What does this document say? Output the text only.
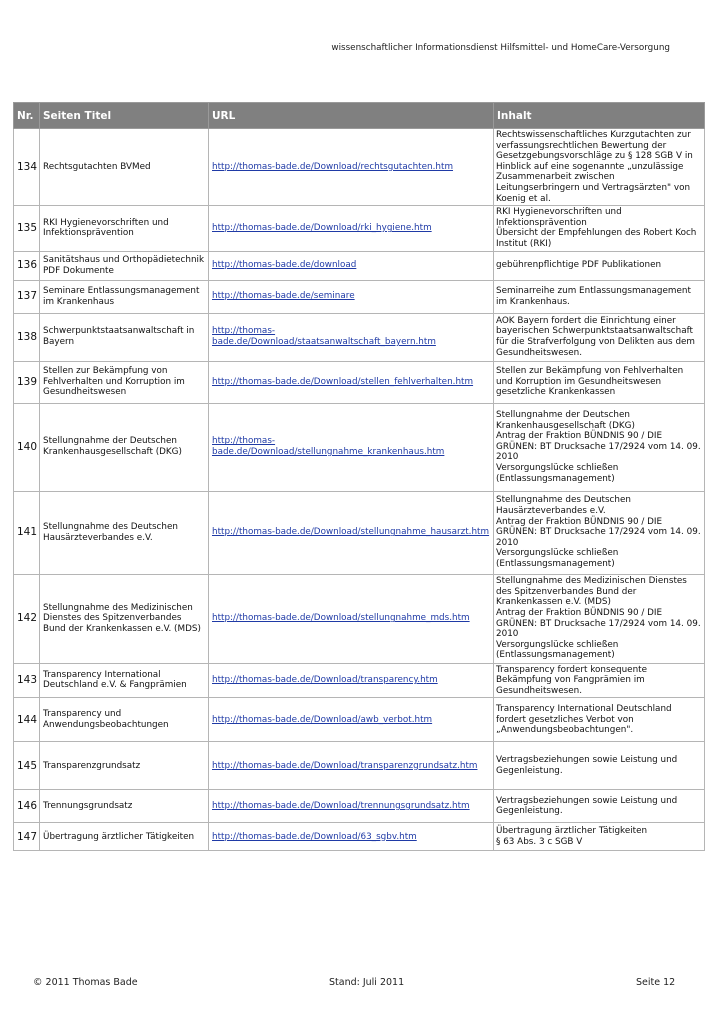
wissenschaftlicher Informationsdienst Hilfsmittel- und HomeCare-Versorgung
Nr.	Seiten Titel	URL	Inhalt
134	Rechtsgutachten BVMed	http://thomas-bade.de/Download/rechtsgutachten.htm	Rechtswissenschaftliches Kurzgutachten zur verfassungsrechtlichen Bewertung der Gesetzgebungsvorschläge zu § 128 SGB V in Hinblick auf eine sogenannte „unzulässige Zusammenarbeit zwischen Leitungserbringern und Vertragsärzten" von Koenig et al.
135	RKI Hygienevorschriften und Infektionsprävention	http://thomas-bade.de/Download/rki_hygiene.htm	RKI Hygienevorschriften und Infektionsprävention
Übersicht der Empfehlungen des Robert Koch Institut (RKI)
136	Sanitätshaus und Orthopädietechnik PDF Dokumente	http://thomas-bade.de/download	gebührenpflichtige PDF Publikationen
137	Seminare Entlassungsmanagement im Krankenhaus	http://thomas-bade.de/seminare	Seminarreihe zum Entlassungsmanagement im Krankenhaus.
138	Schwerpunktstaatsanwaltschaft in Bayern	http://thomas-bade.de/Download/staatsanwaltschaft_bayern.htm	AOK Bayern fordert die Einrichtung einer bayerischen Schwerpunktstaatsanwaltschaft für die Strafverfolgung von Delikten aus dem Gesundheitswesen.
139	Stellen zur Bekämpfung von Fehlverhalten und Korruption im Gesundheitswesen	http://thomas-bade.de/Download/stellen_fehlverhalten.htm	Stellen zur Bekämpfung von Fehlverhalten und Korruption im Gesundheitswesen
gesetzliche Krankenkassen
140	Stellungnahme der Deutschen Krankenhausgesellschaft (DKG)	http://thomas-bade.de/Download/stellungnahme_krankenhaus.htm	Stellungnahme der Deutschen Krankenhausgesellschaft (DKG)
Antrag der Fraktion BÜNDNIS 90 / DIE GRÜNEN: BT Drucksache 17/2924 vom 14. 09. 2010
Versorgungslücke schließen (Entlassungsmanagement)
141	Stellungnahme des Deutschen Hausärzteverbandes e.V.	http://thomas-bade.de/Download/stellungnahme_hausarzt.htm	Stellungnahme des Deutschen Hausärzteverbandes e.V.
Antrag der Fraktion BÜNDNIS 90 / DIE GRÜNEN: BT Drucksache 17/2924 vom 14. 09. 2010
Versorgungslücke schließen (Entlassungsmanagement)
142	Stellungnahme des Medizinischen Dienstes des Spitzenverbandes Bund der Krankenkassen e.V. (MDS)	http://thomas-bade.de/Download/stellungnahme_mds.htm	Stellungnahme des Medizinischen Dienstes des Spitzenverbandes Bund der Krankenkassen e.V. (MDS)
Antrag der Fraktion BÜNDNIS 90 / DIE GRÜNEN: BT Drucksache 17/2924 vom 14. 09. 2010
Versorgungslücke schließen (Entlassungsmanagement)
143	Transparency International Deutschland e.V. & Fangprämien	http://thomas-bade.de/Download/transparency.htm	Transparency fordert konsequente Bekämpfung von Fangprämien im Gesundheitswesen.
144	Transparency und Anwendungsbeobachtungen	http://thomas-bade.de/Download/awb_verbot.htm	Transparency International Deutschland fordert gesetzliches Verbot von „Anwendungsbeobachtungen".
145	Transparenzgrundsatz	http://thomas-bade.de/Download/transparenzgrundsatz.htm	Vertragsbeziehungen sowie Leistung und Gegenleistung.
146	Trennungsgrundsatz	http://thomas-bade.de/Download/trennungsgrundsatz.htm	Vertragsbeziehungen sowie Leistung und Gegenleistung.
147	Übertragung ärztlicher Tätigkeiten	http://thomas-bade.de/Download/63_sgbv.htm	Übertragung ärztlicher Tätigkeiten
§ 63 Abs. 3 c SGB V
© 2011 Thomas Bade	Stand: Juli 2011	Seite 12
